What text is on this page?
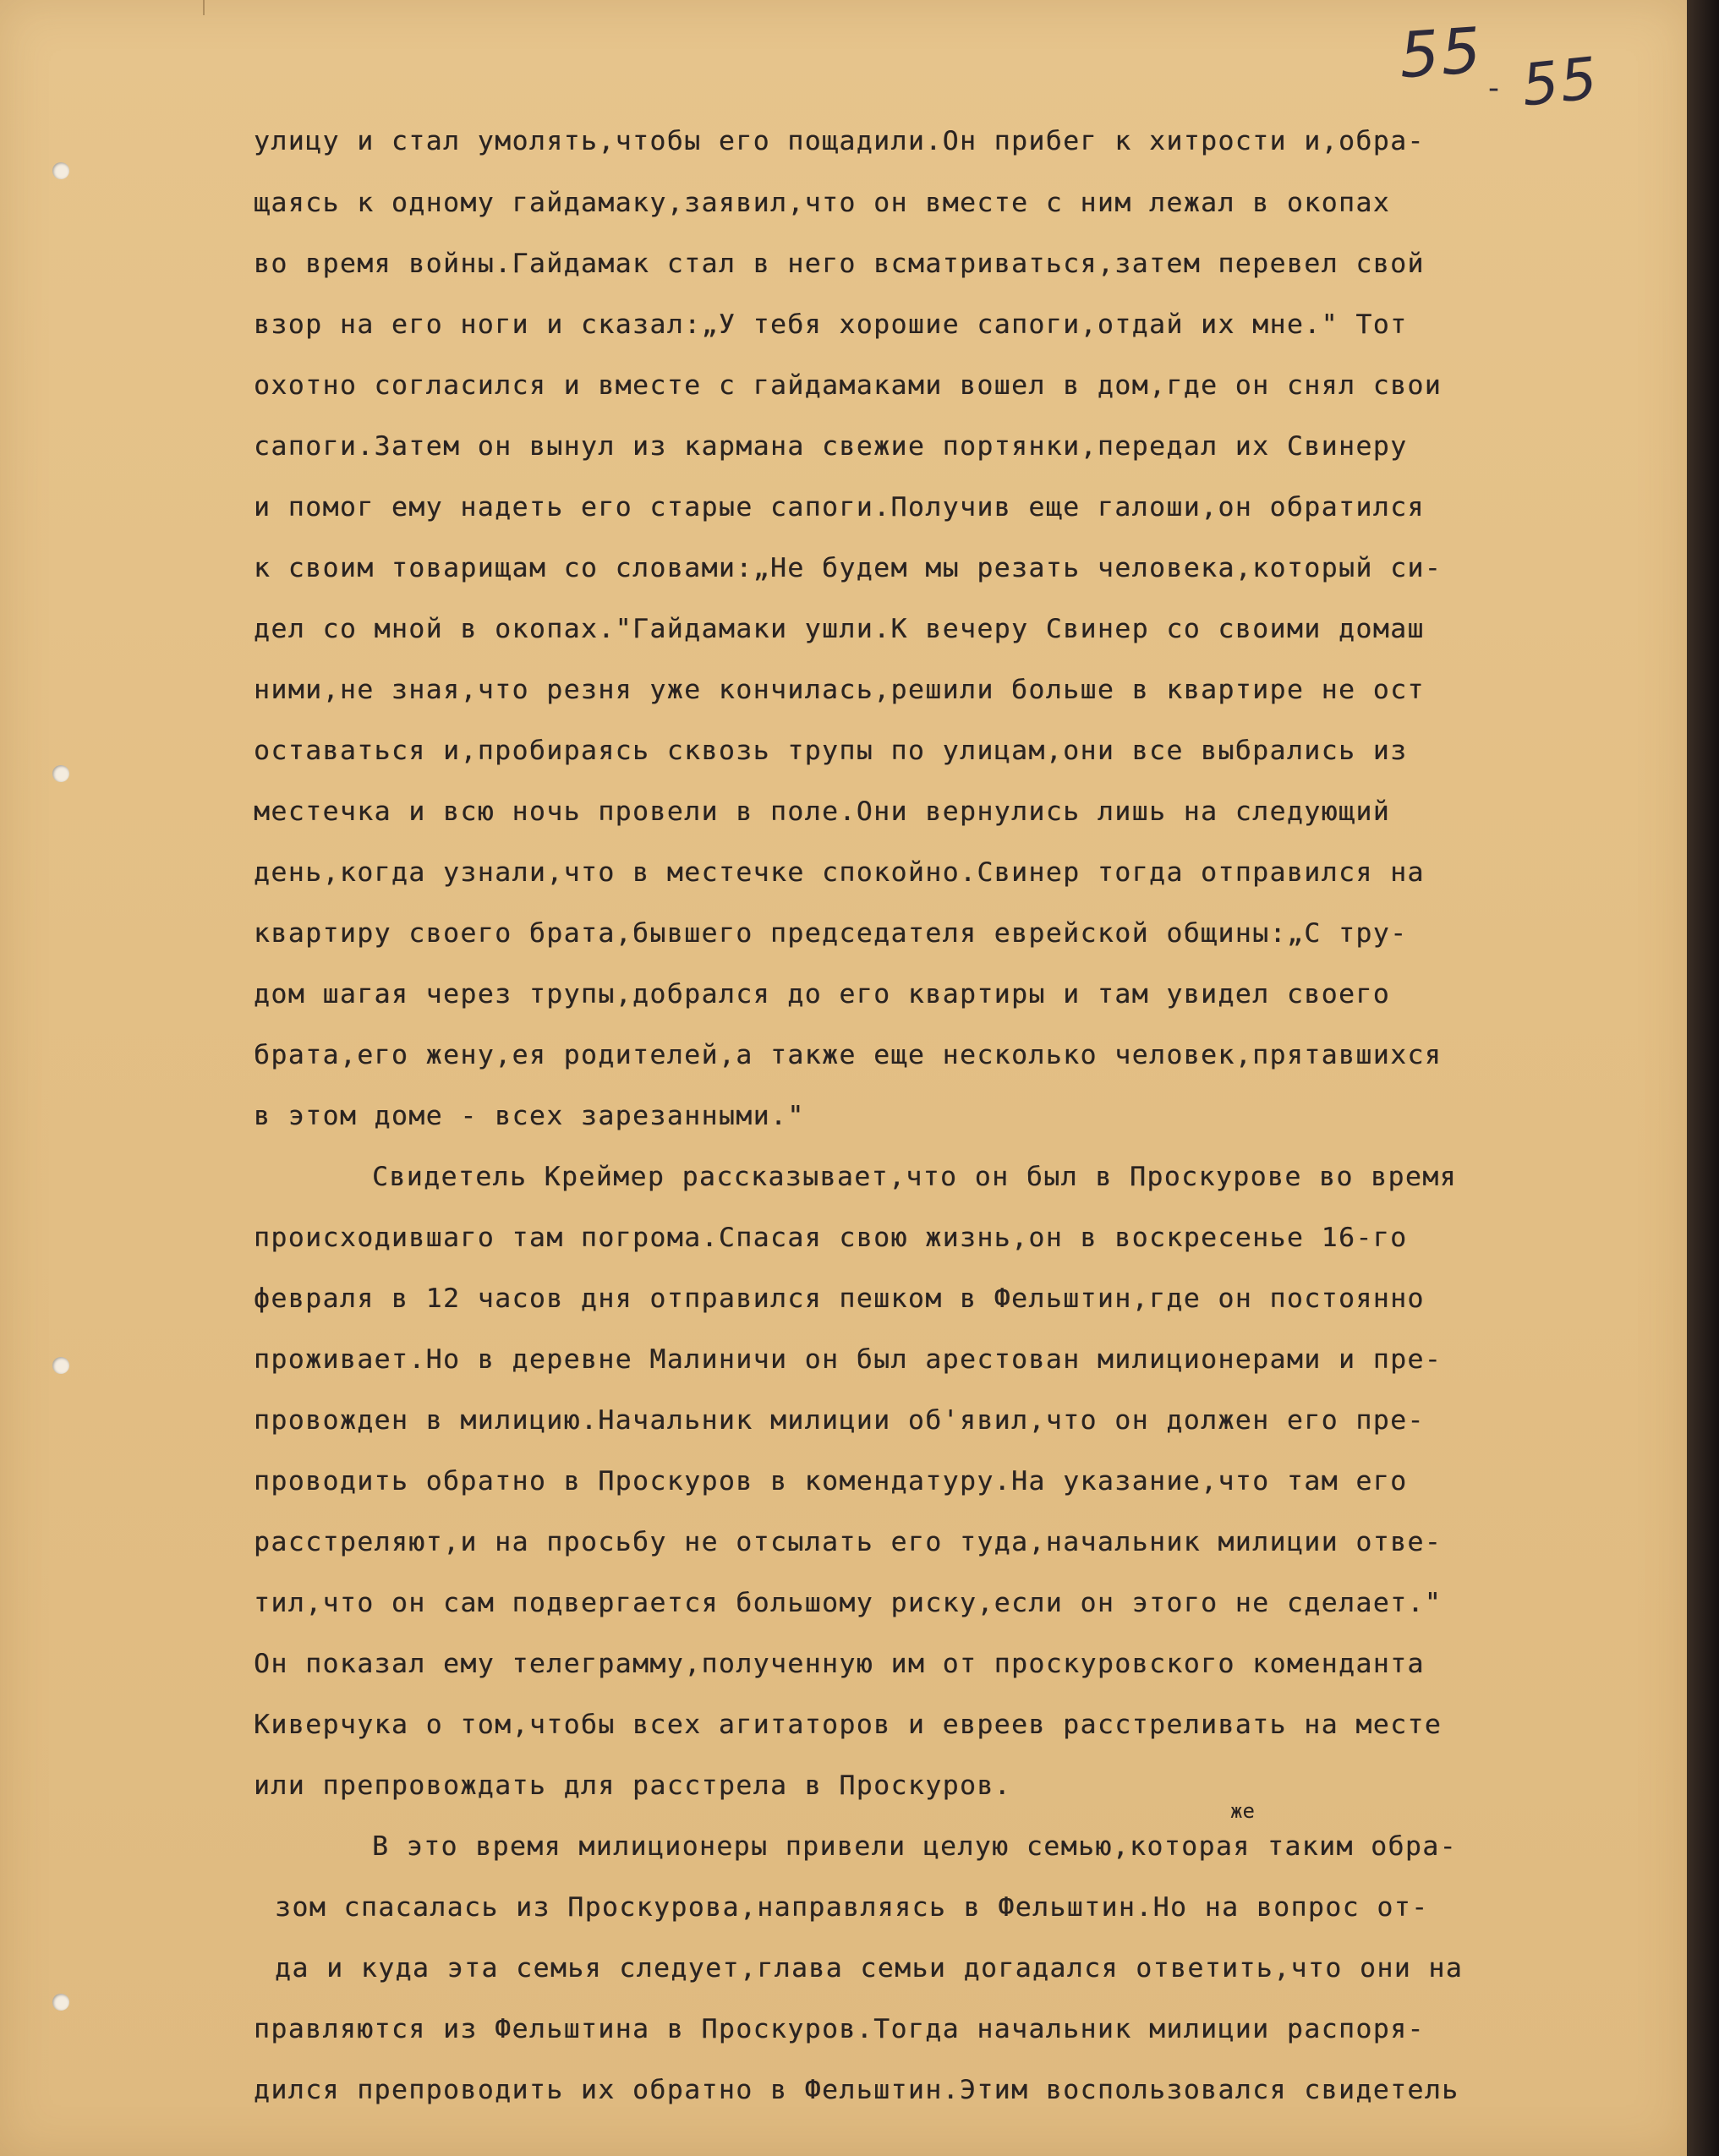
55 - 55
улицу и стал умолять,чтобы его пощадили.Он прибег к хитрости и,обра-
щаясь к одному гайдамаку,заявил,что он вместе с ним лежал в окопах
во время войны.Гайдамак стал в него всматриваться,затем перевел свой
взор на его ноги и сказал:„У тебя хорошие сапоги,отдай их мне." Тот
охотно согласился и вместе с гайдамаками вошел в дом,где он снял свои
сапоги.Затем он вынул из кармана свежие портянки,передал их Свинеру
и помог ему надеть его старые сапоги.Получив еще галоши,он обратился
к своим товарищам со словами:„Не будем мы резать человека,который си-
дел со мной в окопах."Гайдамаки ушли.К вечеру Свинер со своими домаш
ними,не зная,что резня уже кончилась,решили больше в квартире не ост
оставаться и,пробираясь сквозь трупы по улицам,они все выбрались из
местечка и всю ночь провели в поле.Они вернулись лишь на следующий
день,когда узнали,что в местечке спокойно.Свинер тогда отправился на
квартиру своего брата,бывшего председателя еврейской общины:„С тру-
дом шагая через трупы,добрался до его квартиры и там увидел своего
брата,его жену,ея родителей,а также еще несколько человек,прятавшихся
в этом доме - всех зарезанными."
Свидетель Креймер рассказывает,что он был в Проскурове во время
происходившаго там погрома.Спасая свою жизнь,он в воскресенье 16-го
февраля в 12 часов дня отправился пешком в Фельштин,где он постоянно
проживает.Но в деревне Малиничи он был арестован милиционерами и пре-
провожден в милицию.Начальник милиции об'явил,что он должен его пре-
проводить обратно в Проскуров в комендатуру.На указание,что там его
расстреляют,и на просьбу не отсылать его туда,начальник милиции отве-
тил,что он сам подвергается большому риску,если он этого не сделает."
Он показал ему телеграмму,полученную им от проскуровского коменданта
Киверчука о том,чтобы всех агитаторов и евреев расстреливать на месте
или препровождать для расстрела в Проскуров.
В это время милиционеры привели целую семью,которая таким обра-
зом спасалась из Проскурова,направляясь в Фельштин.Но на вопрос от-
да и куда эта семья следует,глава семьи догадался ответить,что они на
правляются из Фельштина в Проскуров.Тогда начальник милиции распоря-
дился препроводить их обратно в Фельштин.Этим воспользовался свидетель
же
